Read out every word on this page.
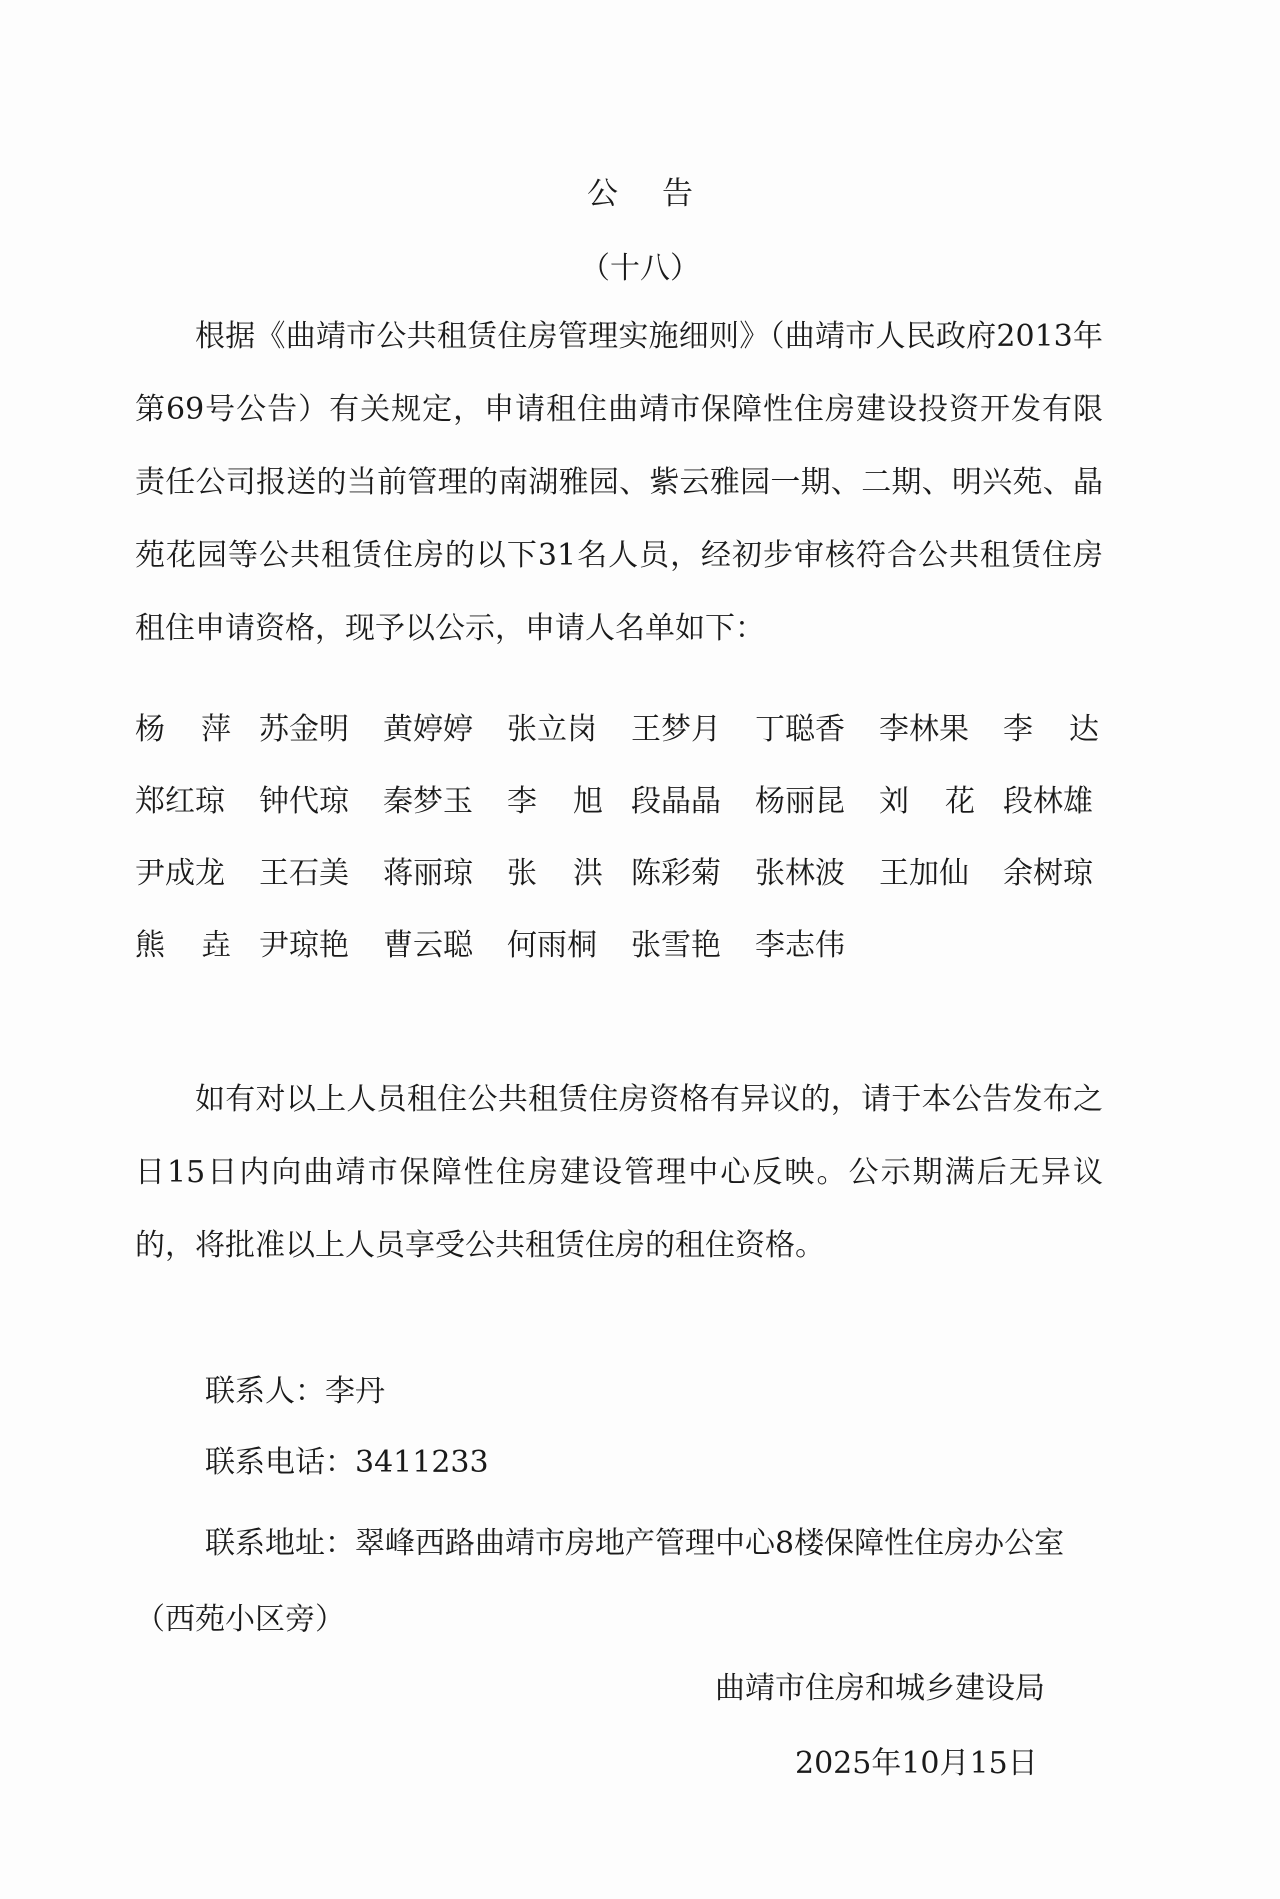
公告
（十八）

根据《曲靖市公共租赁住房管理实施细则》（曲靖市人民政府2013年第69号公告）有关规定，申请租住曲靖市保障性住房建设投资开发有限责任公司报送的当前管理的南湖雅园、紫云雅园一期、二期、明兴苑、晶苑花园等公共租赁住房的以下31名人员，经初步审核符合公共租赁住房租住申请资格，现予以公示，申请人名单如下：

杨 萍 苏金明 黄婷婷 张立岗 王梦月 丁聪香 李林果 李 达
郑红琼 钟代琼 秦梦玉 李 旭 段晶晶 杨丽昆 刘 花 段林雄
尹成龙 王石美 蒋丽琼 张 洪 陈彩菊 张林波 王加仙 余树琼
熊 垚 尹琼艳 曹云聪 何雨桐 张雪艳 李志伟

如有对以上人员租住公共租赁住房资格有异议的，请于本公告发布之日15日内向曲靖市保障性住房建设管理中心反映。公示期满后无异议的，将批准以上人员享受公共租赁住房的租住资格。

联系人：李丹
联系电话：3411233
联系地址：翠峰西路曲靖市房地产管理中心8楼保障性住房办公室（西苑小区旁）
曲靖市住房和城乡建设局
2025年10月15日
